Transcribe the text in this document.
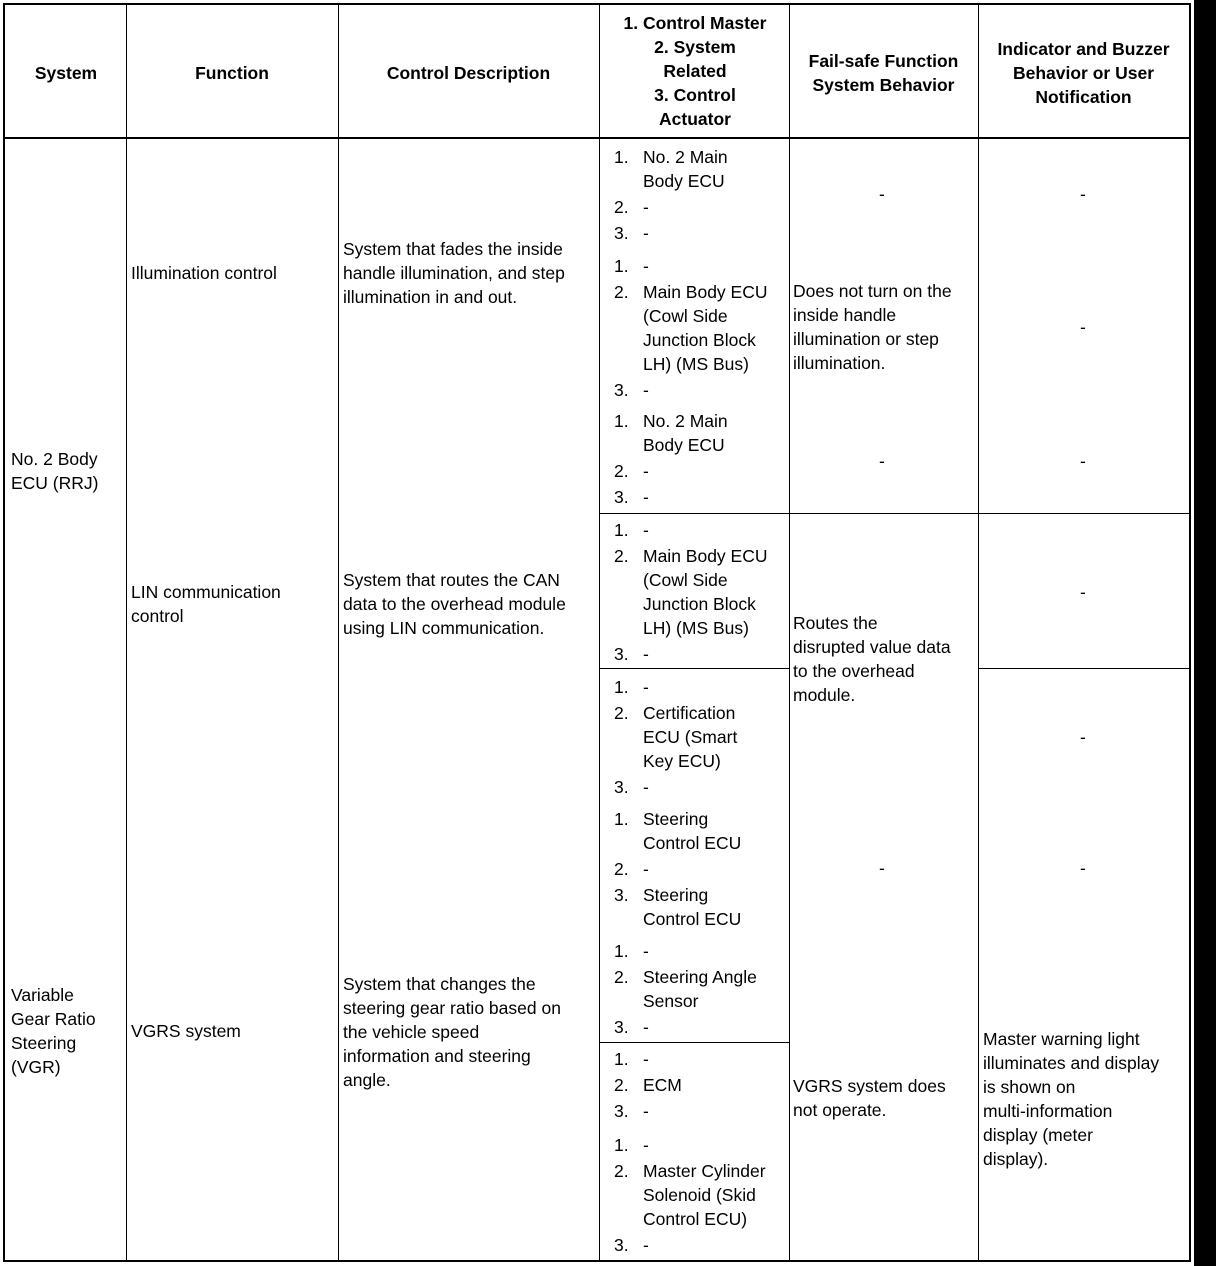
System	Function	Control Description
1. Control Master
2. System
Related
3. Control
Actuator
Fail-safe Function
System Behavior
Indicator and Buzzer
Behavior or User
Notification
No. 2 Body
ECU (RRJ)
Variable
Gear Ratio
Steering
(VGR)
Illumination control
LIN communication
control
VGRS system
System that fades the inside
handle illumination, and step
illumination in and out.
System that routes the CAN
data to the overhead module
using LIN communication.
System that changes the
steering gear ratio based on
the vehicle speed
information and steering
angle.
1. No. 2 Main
Body ECU
2. -
3. -
1. -
2. Main Body ECU
(Cowl Side
Junction Block
LH) (MS Bus)
3. -
1. No. 2 Main
Body ECU
2. -
3. -
1. -
2. Main Body ECU
(Cowl Side
Junction Block
LH) (MS Bus)
3. -
1. -
2. Certification
ECU (Smart
Key ECU)
3. -
1. Steering
Control ECU
2. -
3. Steering
Control ECU
1. -
2. Steering Angle
Sensor
3. -
1. -
2. ECM
3. -
1. -
2. Master Cylinder
Solenoid (Skid
Control ECU)
3. -
-
Does not turn on the
inside handle
illumination or step
illumination.
-
Routes the
disrupted value data
to the overhead
module.
-
VGRS system does
not operate.
-
-
-
-
-
-
Master warning light
illuminates and display
is shown on
multi-information
display (meter
display).
